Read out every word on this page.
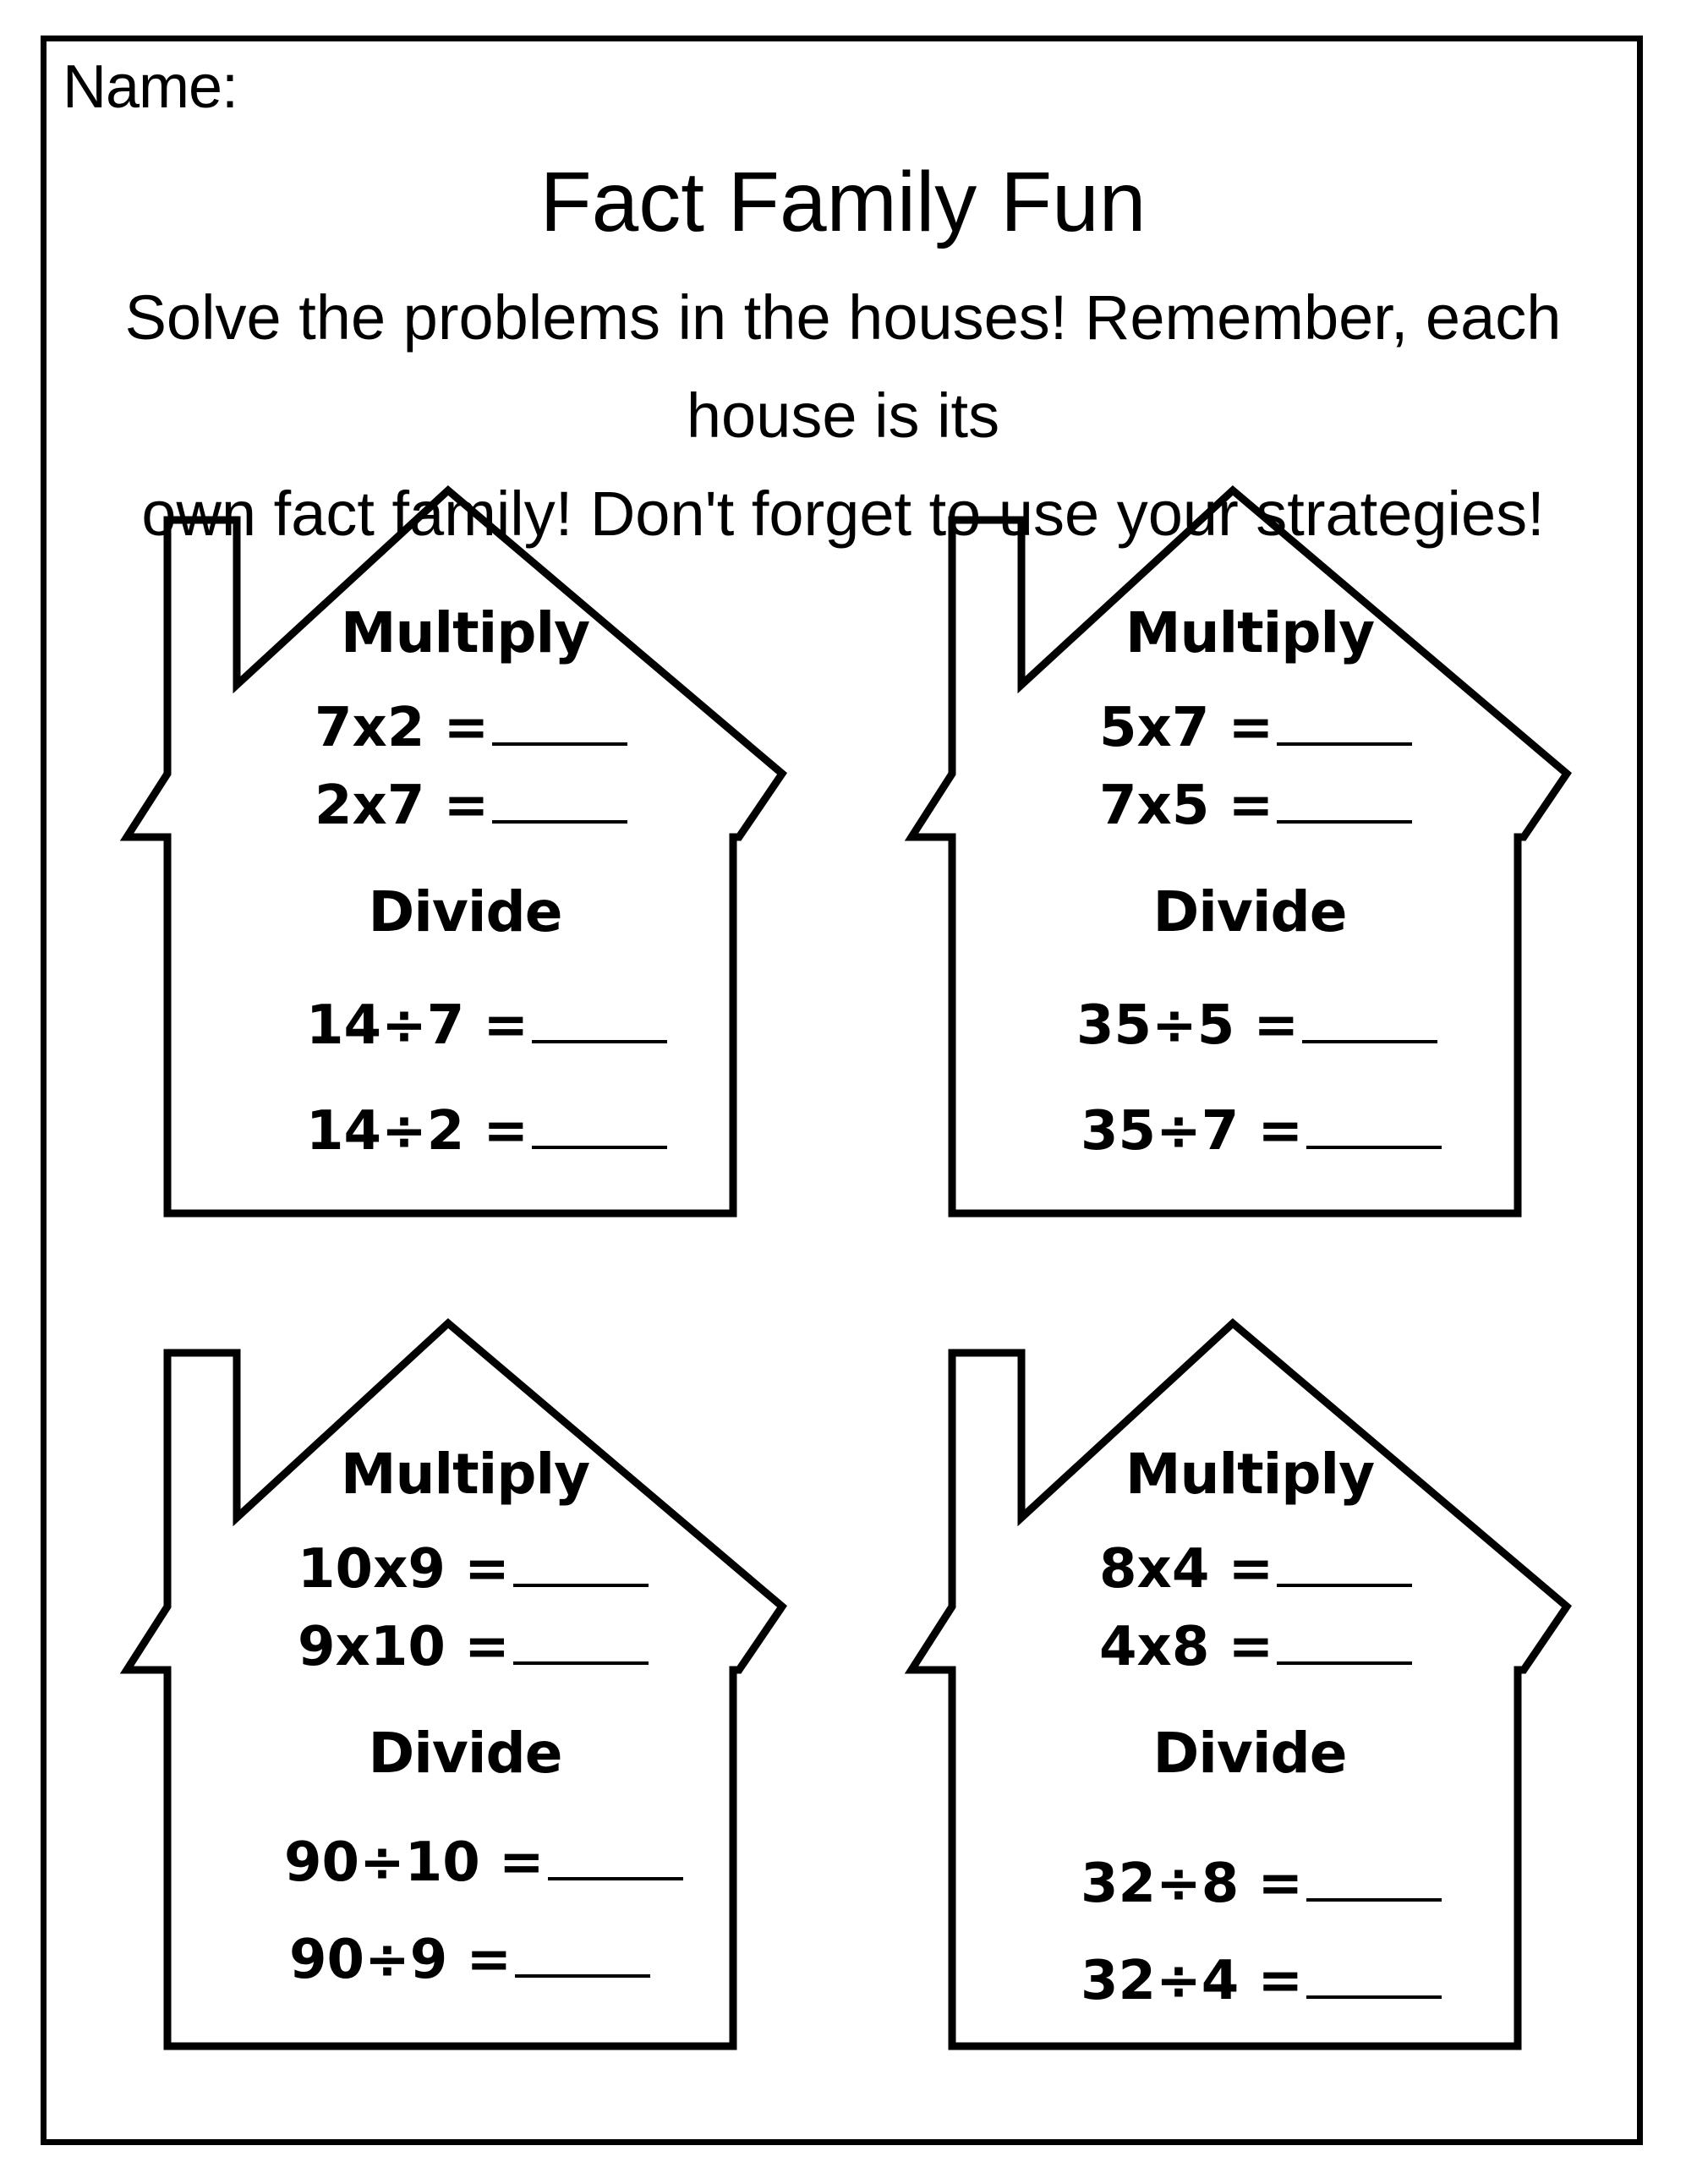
Name:
Fact Family Fun
Solve the problems in the houses! Remember, each house is its
own fact family! Don't forget to use your strategies!
Multiply
7x2 =
2x7 =
Divide
14÷7 =
14÷2 =
Multiply
5x7 =
7x5 =
Divide
35÷5 =
35÷7 =
Multiply
10x9 =
9x10 =
Divide
90÷10 =
90÷9 =
Multiply
8x4 =
4x8 =
Divide
32÷8 =
32÷4 =
